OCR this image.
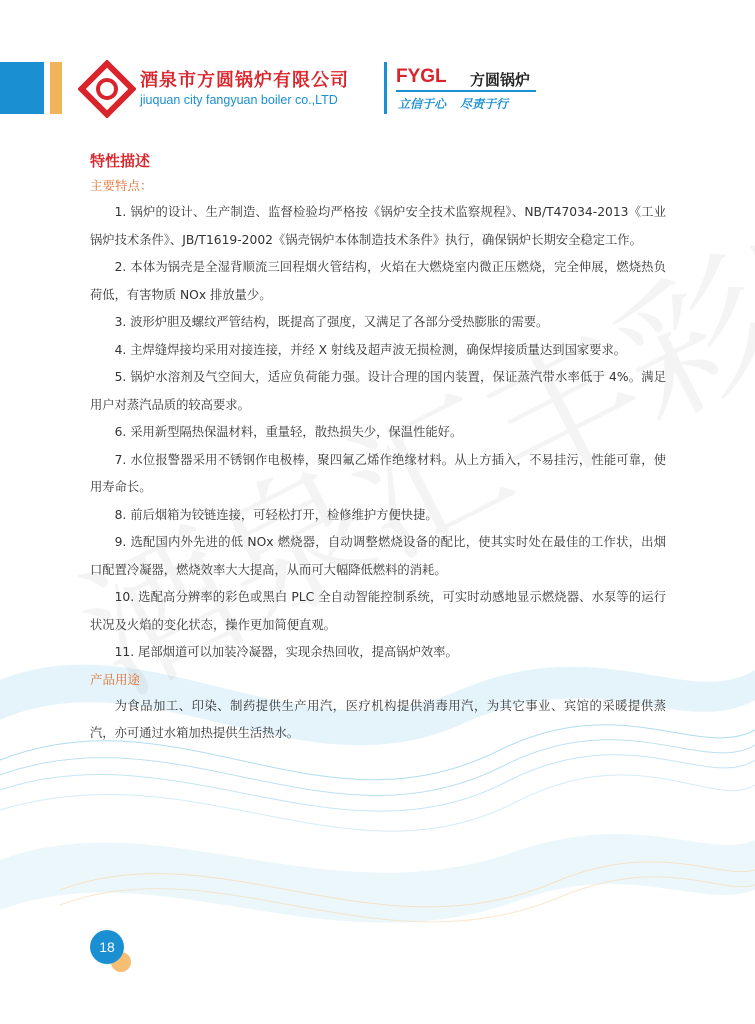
酒泉市方圆锅炉有限公司
jiuquan city fangyuan boiler co.,LTD
FYGL 方圆锅炉
立信于心 尽责于行
特性描述
主要特点：

1. 锅炉的设计、生产制造、监督检验均严格按《锅炉安全技术监察规程》、NB/T47034-2013《工业锅炉技术条件》、JB/T1619-2002《锅壳锅炉本体制造技术条件》执行，确保锅炉长期安全稳定工作。

2. 本体为锅壳是全湿背顺流三回程烟火管结构，火焰在大燃烧室内微正压燃烧，完全伸展，燃烧热负荷低，有害物质 NOx 排放量少。

3. 波形炉胆及螺纹严管结构，既提高了强度，又满足了各部分受热膨胀的需要。

4. 主焊缝焊接均采用对接连接，并经 X 射线及超声波无损检测，确保焊接质量达到国家要求。

5. 锅炉水溶剂及气空间大，适应负荷能力强。设计合理的国内装置，保证蒸汽带水率低于 4%。满足用户对蒸汽品质的较高要求。

6. 采用新型隔热保温材料，重量轻，散热损失少，保温性能好。

7. 水位报警器采用不锈钢作电极棒，聚四氟乙烯作绝缘材料。从上方插入，不易挂污，性能可靠，使用寿命长。

8. 前后烟箱为铰链连接，可轻松打开，检修维护方便快捷。

9. 选配国内外先进的低 NOx 燃烧器，自动调整燃烧设备的配比，使其实时处在最佳的工作状，出烟口配置冷凝器，燃烧效率大大提高，从而可大幅降低燃料的消耗。

10. 选配高分辨率的彩色或黑白 PLC 全自动智能控制系统，可实时动感地显示燃烧器、水泵等的运行状况及火焰的变化状态，操作更加简便直观。

11. 尾部烟道可以加装冷凝器，实现余热回收，提高锅炉效率。

产品用途

为食品加工、印染、制药提供生产用汽，医疗机构提供消毒用汽，为其它事业、宾馆的采暖提供蒸汽，亦可通过水箱加热提供生活热水。

18
